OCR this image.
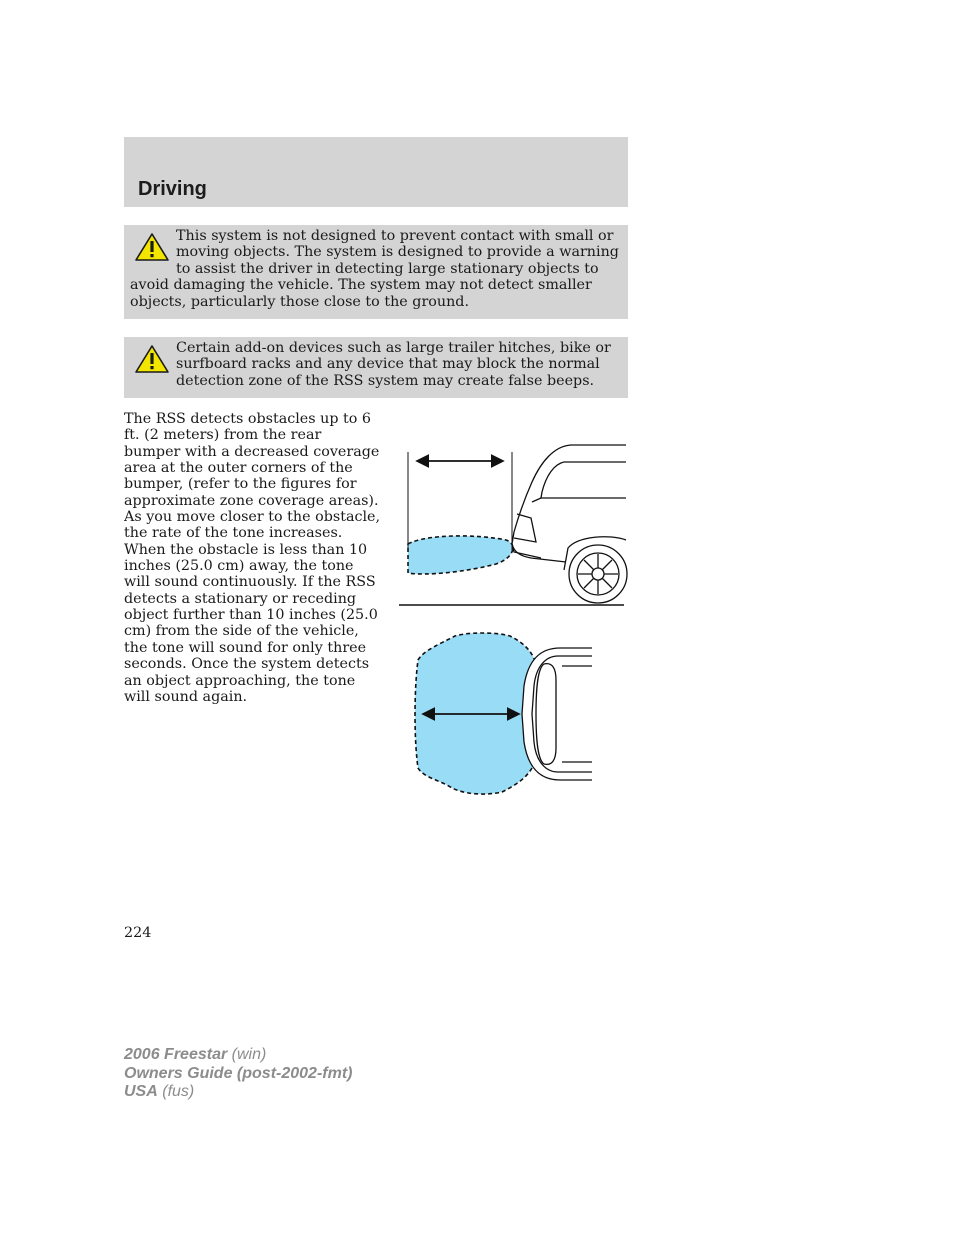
Driving

This system is not designed to prevent contact with small or moving objects. The system is designed to provide a warning to assist the driver in detecting large stationary objects to avoid damaging the vehicle. The system may not detect smaller objects, particularly those close to the ground.

Certain add-on devices such as large trailer hitches, bike or surfboard racks and any device that may block the normal detection zone of the RSS system may create false beeps.

The RSS detects obstacles up to 6 ft. (2 meters) from the rear bumper with a decreased coverage area at the outer corners of the bumper, (refer to the figures for approximate zone coverage areas). As you move closer to the obstacle, the rate of the tone increases. When the obstacle is less than 10 inches (25.0 cm) away, the tone will sound continuously. If the RSS detects a stationary or receding object further than 10 inches (25.0 cm) from the side of the vehicle, the tone will sound for only three seconds. Once the system detects an object approaching, the tone will sound again.

224

2006 Freestar (win)
Owners Guide (post-2002-fmt)
USA (fus)
